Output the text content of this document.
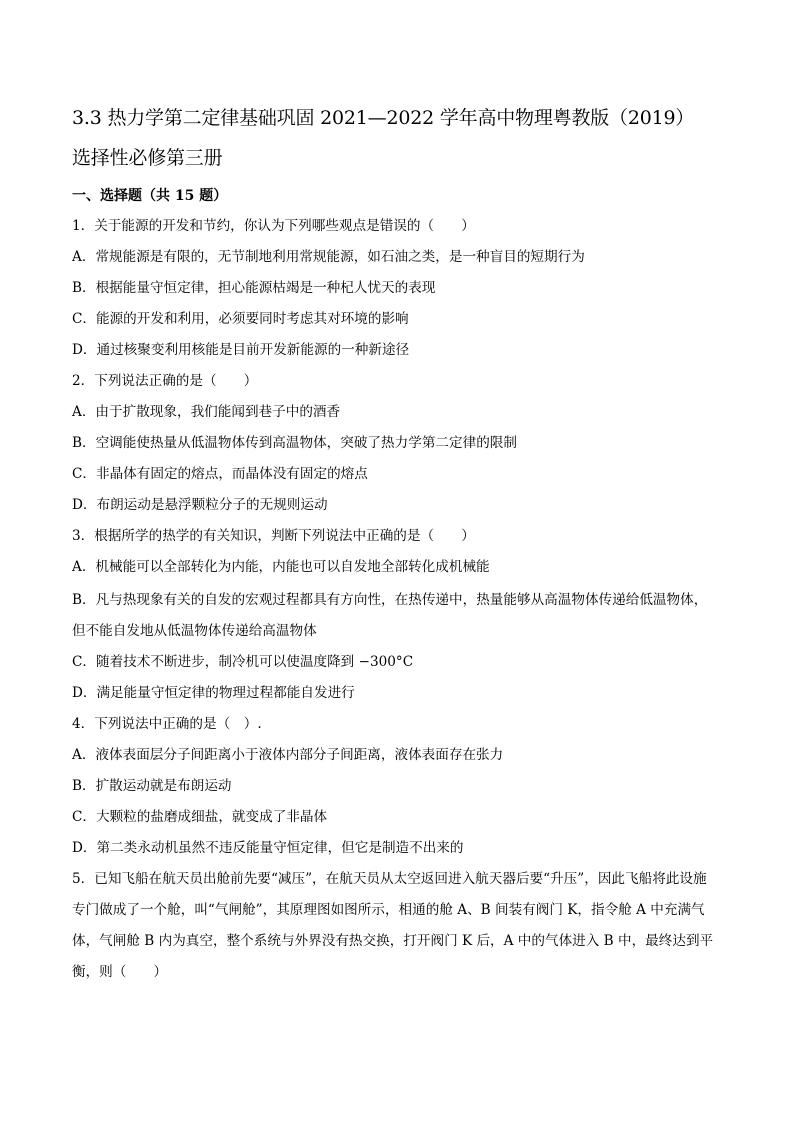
3.3 热力学第二定律基础巩固 2021—2022 学年高中物理粤教版（2019）
选择性必修第三册
一、选择题（共 15 题）
1．关于能源的开发和节约，你认为下列哪些观点是错误的（　　）
A．常规能源是有限的，无节制地利用常规能源，如石油之类，是一种盲目的短期行为
B．根据能量守恒定律，担心能源枯竭是一种杞人忧天的表现
C．能源的开发和利用，必须要同时考虑其对环境的影响
D．通过核聚变利用核能是目前开发新能源的一种新途径
2．下列说法正确的是（　　）
A．由于扩散现象，我们能闻到巷子中的酒香
B．空调能使热量从低温物体传到高温物体，突破了热力学第二定律的限制
C．非晶体有固定的熔点，而晶体没有固定的熔点
D．布朗运动是悬浮颗粒分子的无规则运动
3．根据所学的热学的有关知识，判断下列说法中正确的是（　　）
A．机械能可以全部转化为内能，内能也可以自发地全部转化成机械能
B．凡与热现象有关的自发的宏观过程都具有方向性，在热传递中，热量能够从高温物体传递给低温物体，
但不能自发地从低温物体传递给高温物体
C．随着技术不断进步，制冷机可以使温度降到 −300°C
D．满足能量守恒定律的物理过程都能自发进行
4．下列说法中正确的是（　）.
A．液体表面层分子间距离小于液体内部分子间距离，液体表面存在张力
B．扩散运动就是布朗运动
C．大颗粒的盐磨成细盐，就变成了非晶体
D．第二类永动机虽然不违反能量守恒定律，但它是制造不出来的
5．已知飞船在航天员出舱前先要“减压”，在航天员从太空返回进入航天器后要“升压”，因此飞船将此设施
专门做成了一个舱，叫“气闸舱”，其原理图如图所示，相通的舱 A、B 间装有阀门 K，指令舱 A 中充满气
体，气闸舱 B 内为真空，整个系统与外界没有热交换，打开阀门 K 后，A 中的气体进入 B 中，最终达到平
衡，则（　　）
